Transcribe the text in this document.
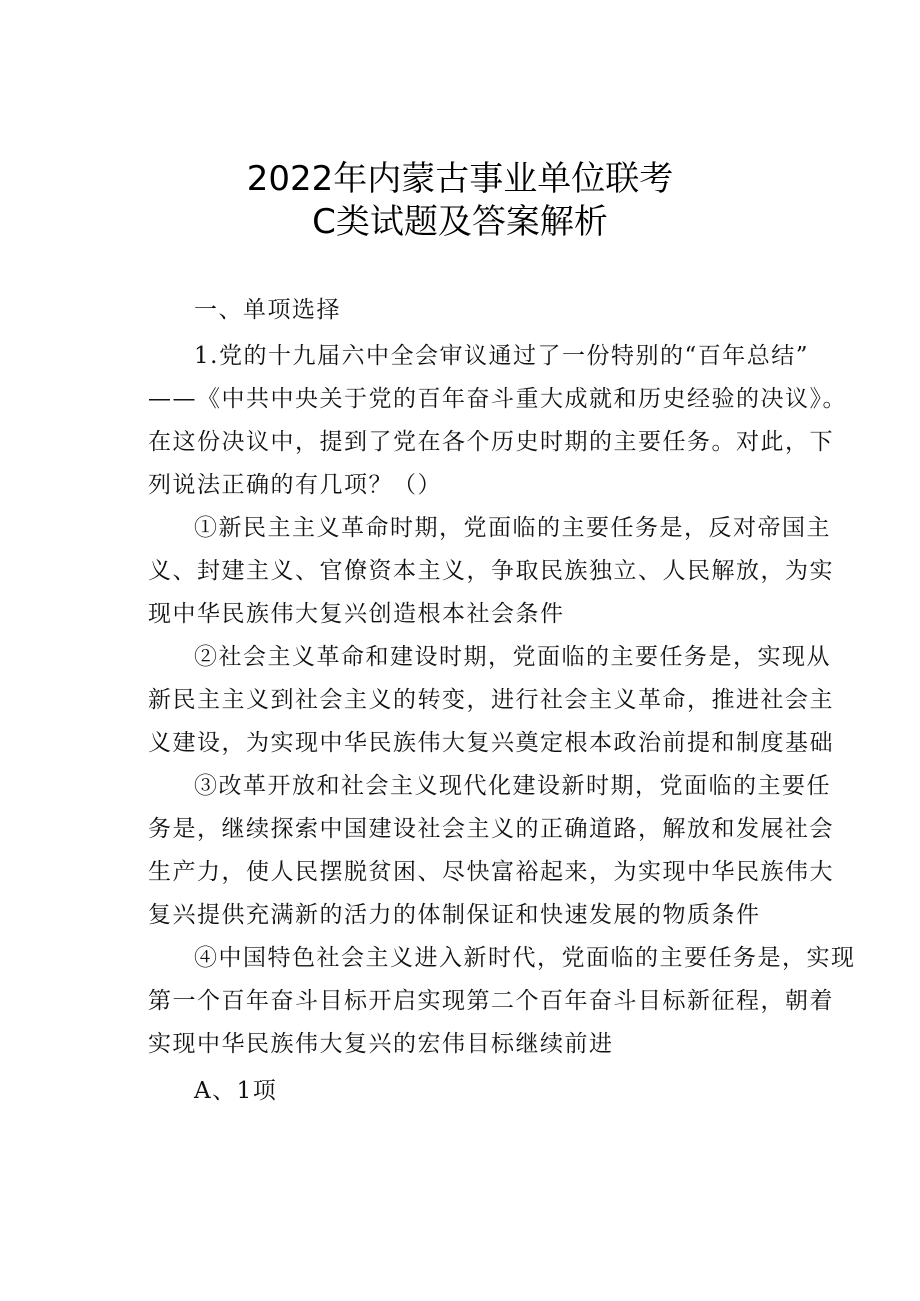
2022年内蒙古事业单位联考
C类试题及答案解析
一、单项选择
1.党的十九届六中全会审议通过了一份特别的“百年总结”
——《中共中央关于党的百年奋斗重大成就和历史经验的决议》。
在这份决议中，提到了党在各个历史时期的主要任务。对此，下
列说法正确的有几项？（）
①新民主主义革命时期，党面临的主要任务是，反对帝国主
义、封建主义、官僚资本主义，争取民族独立、人民解放，为实
现中华民族伟大复兴创造根本社会条件
②社会主义革命和建设时期，党面临的主要任务是，实现从
新民主主义到社会主义的转变，进行社会主义革命，推进社会主
义建设，为实现中华民族伟大复兴奠定根本政治前提和制度基础
③改革开放和社会主义现代化建设新时期，党面临的主要任
务是，继续探索中国建设社会主义的正确道路，解放和发展社会
生产力，使人民摆脱贫困、尽快富裕起来，为实现中华民族伟大
复兴提供充满新的活力的体制保证和快速发展的物质条件
④中国特色社会主义进入新时代，党面临的主要任务是，实现
第一个百年奋斗目标开启实现第二个百年奋斗目标新征程，朝着
实现中华民族伟大复兴的宏伟目标继续前进
A、1项
